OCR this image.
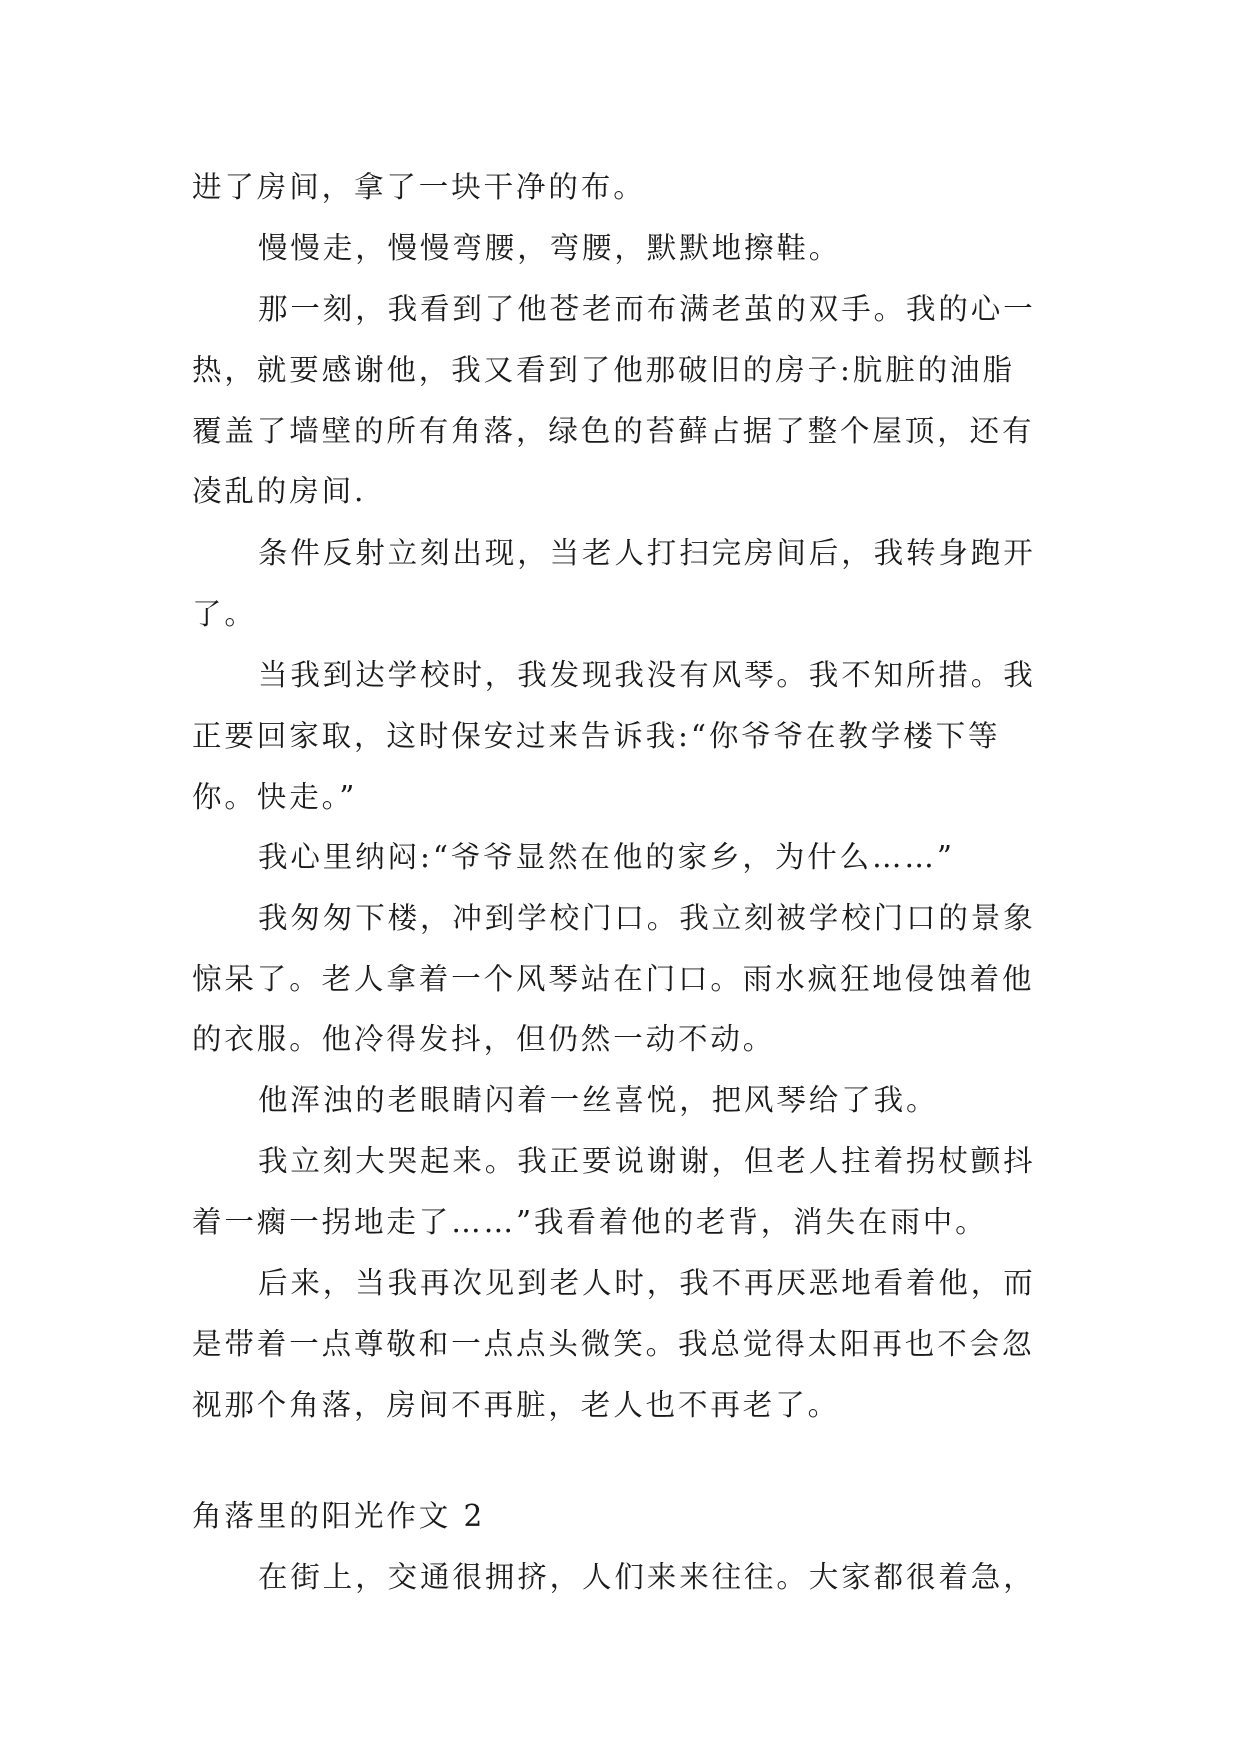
进了房间，拿了一块干净的布。
慢慢走，慢慢弯腰，弯腰，默默地擦鞋。
那一刻，我看到了他苍老而布满老茧的双手。我的心一
热，就要感谢他，我又看到了他那破旧的房子:肮脏的油脂
覆盖了墙壁的所有角落，绿色的苔藓占据了整个屋顶，还有
凌乱的房间.
条件反射立刻出现，当老人打扫完房间后，我转身跑开
了。
当我到达学校时，我发现我没有风琴。我不知所措。我
正要回家取，这时保安过来告诉我:“你爷爷在教学楼下等
你。快走。”
我心里纳闷:“爷爷显然在他的家乡，为什么……”
我匆匆下楼，冲到学校门口。我立刻被学校门口的景象
惊呆了。老人拿着一个风琴站在门口。雨水疯狂地侵蚀着他
的衣服。他冷得发抖，但仍然一动不动。
他浑浊的老眼睛闪着一丝喜悦，把风琴给了我。
我立刻大哭起来。我正要说谢谢，但老人拄着拐杖颤抖
着一瘸一拐地走了……”我看着他的老背，消失在雨中。
后来，当我再次见到老人时，我不再厌恶地看着他，而
是带着一点尊敬和一点点头微笑。我总觉得太阳再也不会忽
视那个角落，房间不再脏，老人也不再老了。
角落里的阳光作文 2
在街上，交通很拥挤，人们来来往往。大家都很着急，
